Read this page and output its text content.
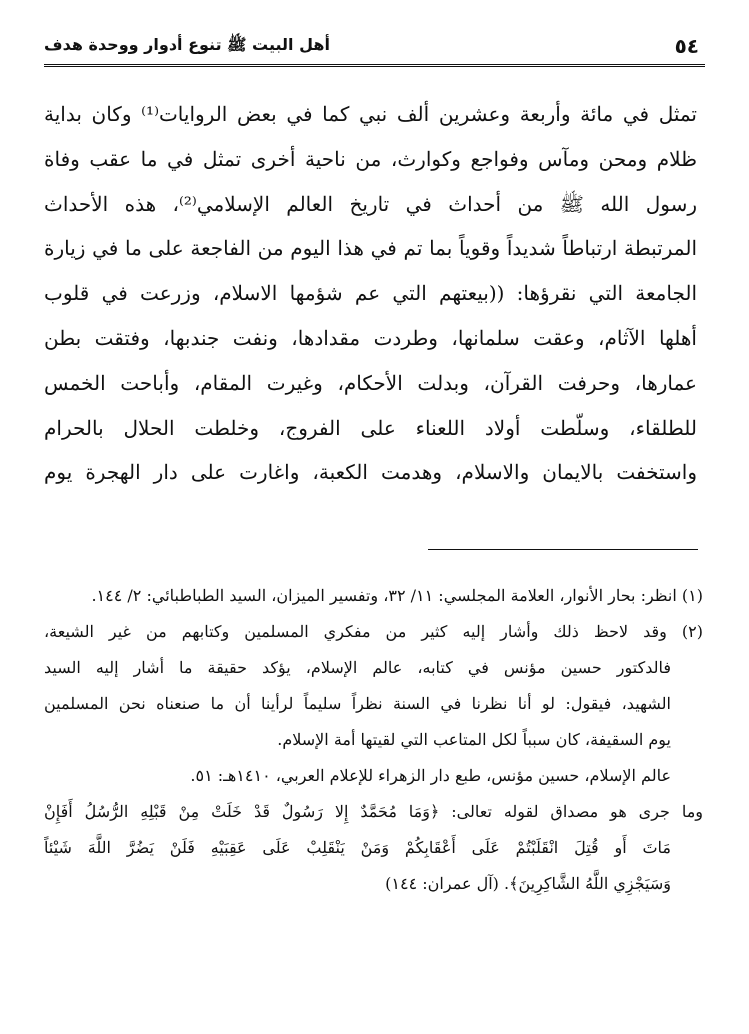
٥٤
أهل البيت ﷺ تنوع أدوار ووحدة هدف
تمثل في مائة وأربعة وعشرين ألف نبي كما في بعض الروايات⁽¹⁾ وكان بداية
ظلام ومحن ومآس وفواجع وكوارث، من ناحية أخرى تمثل في ما عقب وفاة
رسول الله ﷺ من أحداث في تاريخ العالم الإسلامي⁽²⁾، هذه الأحداث
المرتبطة ارتباطاً شديداً وقوياً بما تم في هذا اليوم من الفاجعة على ما في زيارة
الجامعة التي نقرؤها: ((بيعتهم التي عم شؤمها الاسلام، وزرعت في قلوب
أهلها الآثام، وعقت سلمانها، وطردت مقدادها، ونفت جندبها، وفتقت بطن
عمارها، وحرفت القرآن، وبدلت الأحكام، وغيرت المقام، وأباحت الخمس
للطلقاء، وسلّطت أولاد اللعناء على الفروج، وخلطت الحلال بالحرام
واستخفت بالايمان والاسلام، وهدمت الكعبة، واغارت على دار الهجرة يوم
(١) انظر: بحار الأنوار، العلامة المجلسي: ١١/ ٣٢، وتفسير الميزان، السيد الطباطبائي: ٢/ ١٤٤.
(٢) وقد لاحظ ذلك وأشار إليه كثير من مفكري المسلمين وكتابهم من غير الشيعة،
فالدكتور حسين مؤنس في كتابه، عالم الإسلام، يؤكد حقيقة ما أشار إليه السيد
الشهيد، فيقول: لو أنا نظرنا في السنة نظراً سليماً لرأينا أن ما صنعناه نحن المسلمين
يوم السقيفة، كان سبباً لكل المتاعب التي لقيتها أمة الإسلام.
عالم الإسلام، حسين مؤنس، طبع دار الزهراء للإعلام العربي، ١٤١٠هـ: ٥١.
وما جرى هو مصداق لقوله تعالى: ﴿وَمَا مُحَمَّدٌ إِلا رَسُولٌ قَدْ خَلَتْ مِنْ قَبْلِهِ الرُّسُلُ أَفَإِنْ
مَاتَ أَو قُتِلَ انْقَلَبْتُمْ عَلَى أَعْقَابِكُمْ وَمَنْ يَنْقَلِبْ عَلَى عَقِبَيْهِ فَلَنْ يَضُرَّ اللَّهَ شَيْئاً
وَسَيَجْزِي اللَّهُ الشَّاكِرِينَ﴾. (آل عمران: ١٤٤)
